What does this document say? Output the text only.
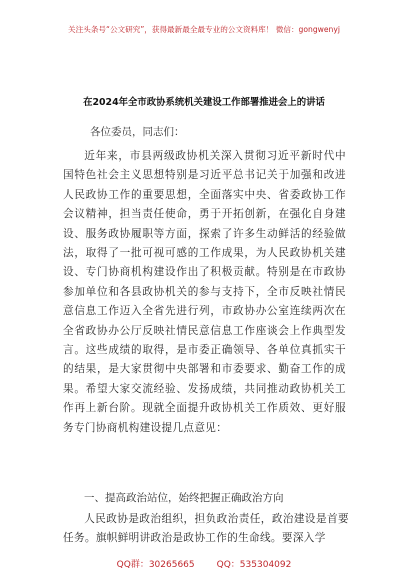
关注头条号“公文研究”，获得最新最全最专业的公文资料库！ 微信：gongwenyj
在2024年全市政协系统机关建设工作部署推进会上的讲话
各位委员，同志们：

近年来，市县两级政协机关深入贯彻习近平新时代中国特色社会主义思想特别是习近平总书记关于加强和改进人民政协工作的重要思想，全面落实中央、省委政协工作会议精神，担当责任使命，勇于开拓创新，在强化自身建设、服务政协履职等方面，探索了许多生动鲜活的经验做法，取得了一批可视可感的工作成果，为人民政协机关建设、专门协商机构建设作出了积极贡献。特别是在市政协参加单位和各县政协机关的参与支持下，全市反映社情民意信息工作迈入全省先进行列，市政协办公室连续两次在全省政协办公厅反映社情民意信息工作座谈会上作典型发言。这些成绩的取得，是市委正确领导、各单位真抓实干的结果，是大家贯彻中央部署和市委要求、勤奋工作的成果。希望大家交流经验、发扬成绩，共同推动政协机关工作再上新台阶。现就全面提升政协机关工作质效、更好服务专门协商机构建设提几点意见：

一、提高政治站位，始终把握正确政治方向

人民政协是政治组织，担负政治责任，政治建设是首要任务。旗帜鲜明讲政治是政协工作的生命线。要深入学

QQ群：30265665 QQ：535304092
